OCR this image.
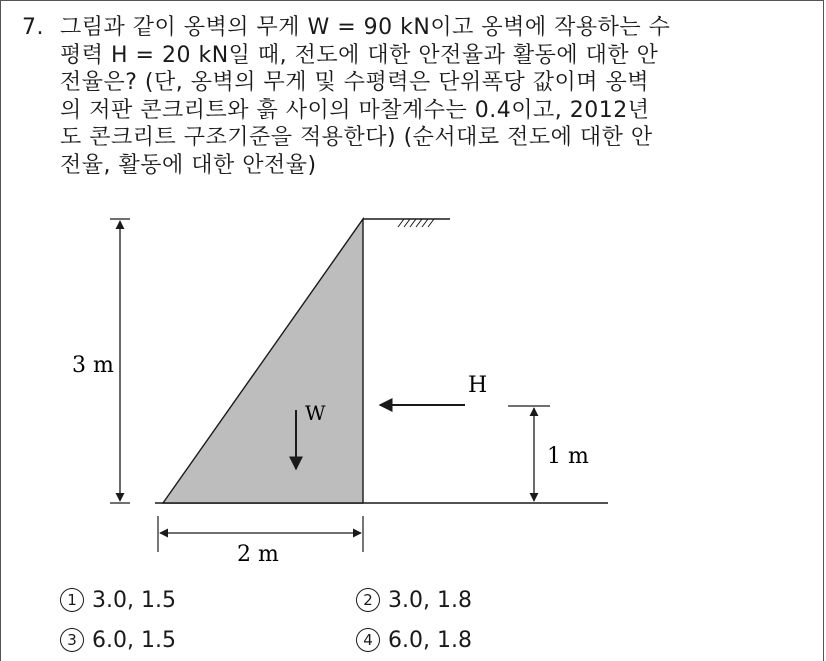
7. 그림과 같이 옹벽의 무게 W = 90 kN이고 옹벽에 작용하는 수
평력 H = 20 kN일 때, 전도에 대한 안전율과 활동에 대한 안
전율은? (단, 옹벽의 무게 및 수평력은 단위폭당 값이며 옹벽
의 저판 콘크리트와 흙 사이의 마찰계수는 0.4이고, 2012년
도 콘크리트 구조기준을 적용한다) (순서대로 전도에 대한 안
전율, 활동에 대한 안전율)
3 m
W
H
1 m
2 m
1 3.0, 1.5	2 3.0, 1.8
3 6.0, 1.5	4 6.0, 1.8
